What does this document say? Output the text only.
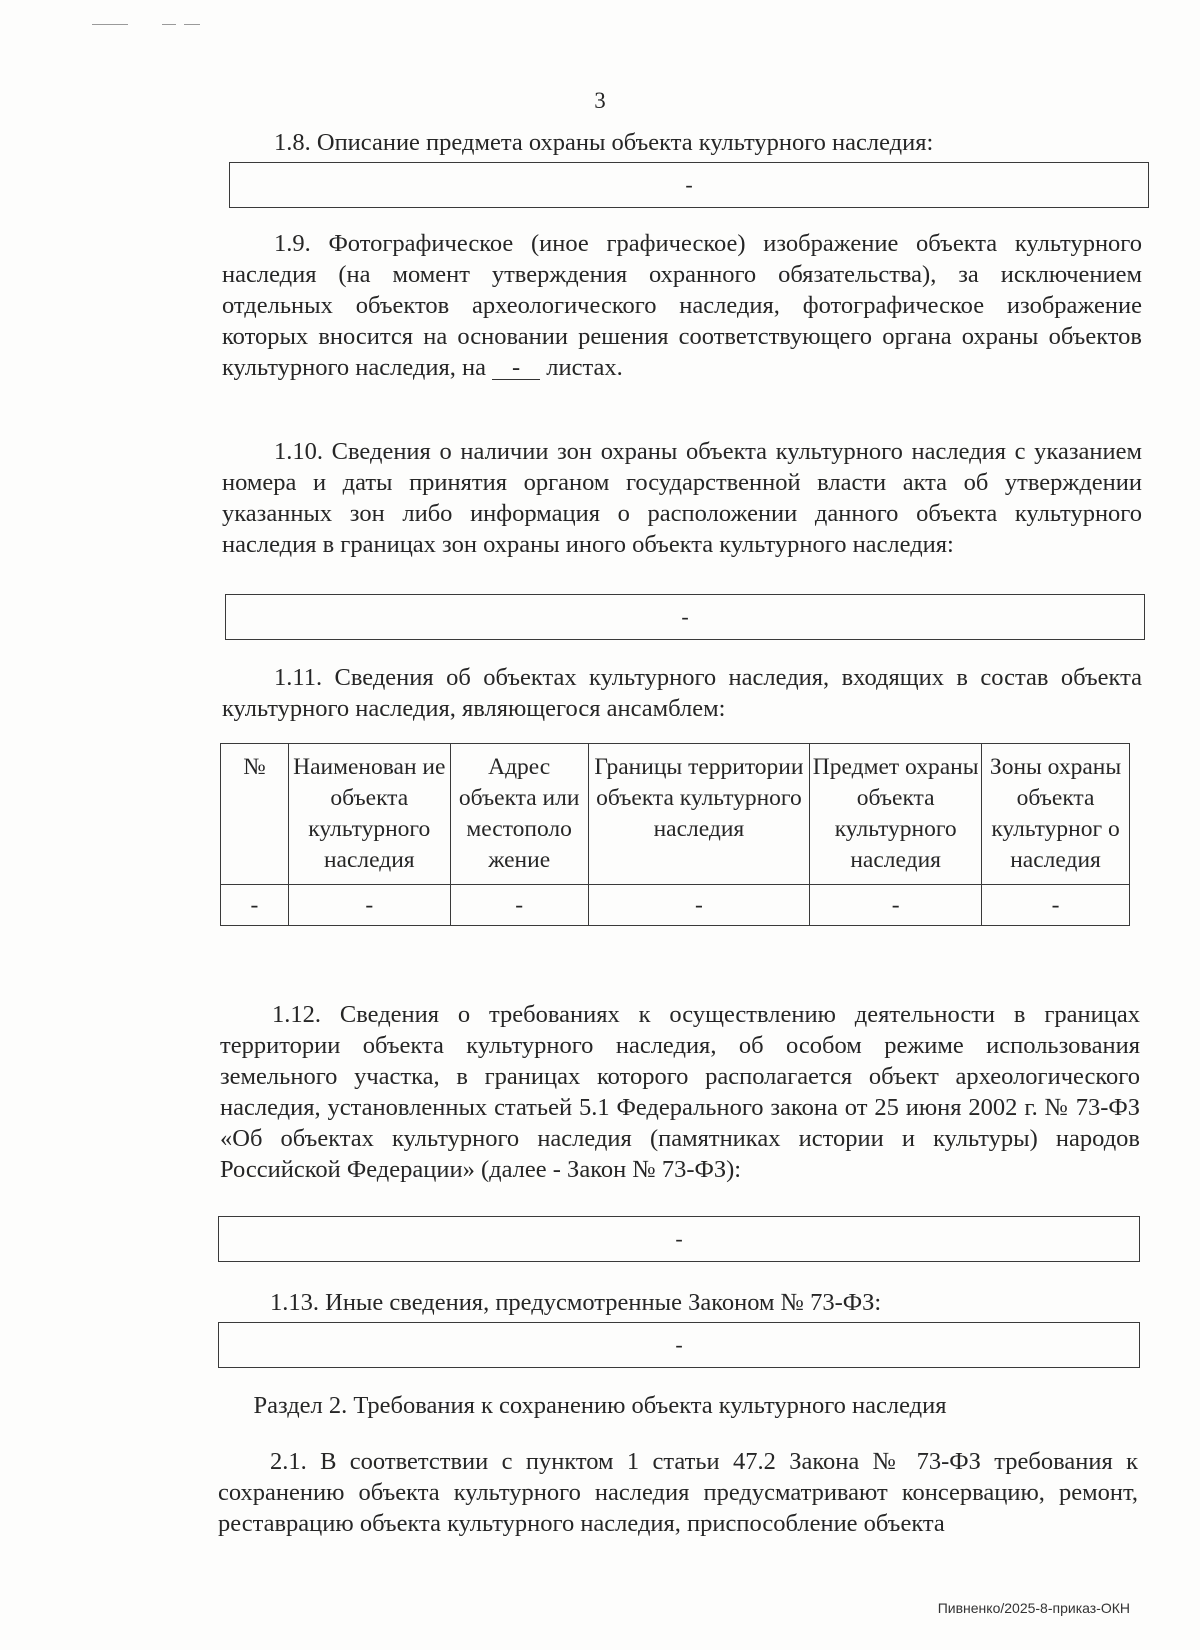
3

1.8. Описание предмета охраны объекта культурного наследия:

-

1.9. Фотографическое (иное графическое) изображение объекта культурного наследия (на момент утверждения охранного обязательства), за исключением отдельных объектов археологического наследия, фотографическое изображение которых вносится на основании решения соответствующего органа охраны объектов культурного наследия, на - листах.

1.10. Сведения о наличии зон охраны объекта культурного наследия с указанием номера и даты принятия органом государственной власти акта об утверждении указанных зон либо информация о расположении данного объекта культурного наследия в границах зон охраны иного объекта культурного наследия:

-

1.11. Сведения об объектах культурного наследия, входящих в состав объекта культурного наследия, являющегося ансамблем:

№	Наименован ие объекта культурного наследия	Адрес объекта или местополо жение	Границы территории объекта культурного наследия	Предмет охраны объекта культурного наследия	Зоны охраны объекта культурног о наследия
-	-	-	-	-	-

1.12. Сведения о требованиях к осуществлению деятельности в границах территории объекта культурного наследия, об особом режиме использования земельного участка, в границах которого располагается объект археологического наследия, установленных статьей 5.1 Федерального закона от 25 июня 2002 г. № 73-ФЗ «Об объектах культурного наследия (памятниках истории и культуры) народов Российской Федерации» (далее - Закон № 73-ФЗ):

-

1.13. Иные сведения, предусмотренные Законом № 73-ФЗ:

-
Раздел 2. Требования к сохранению объекта культурного наследия

2.1. В соответствии с пунктом 1 статьи 47.2 Закона № 73-ФЗ требования к сохранению объекта культурного наследия предусматривают консервацию, ремонт, реставрацию объекта культурного наследия, приспособление объекта

Пивненко/2025-8-приказ-ОКН
